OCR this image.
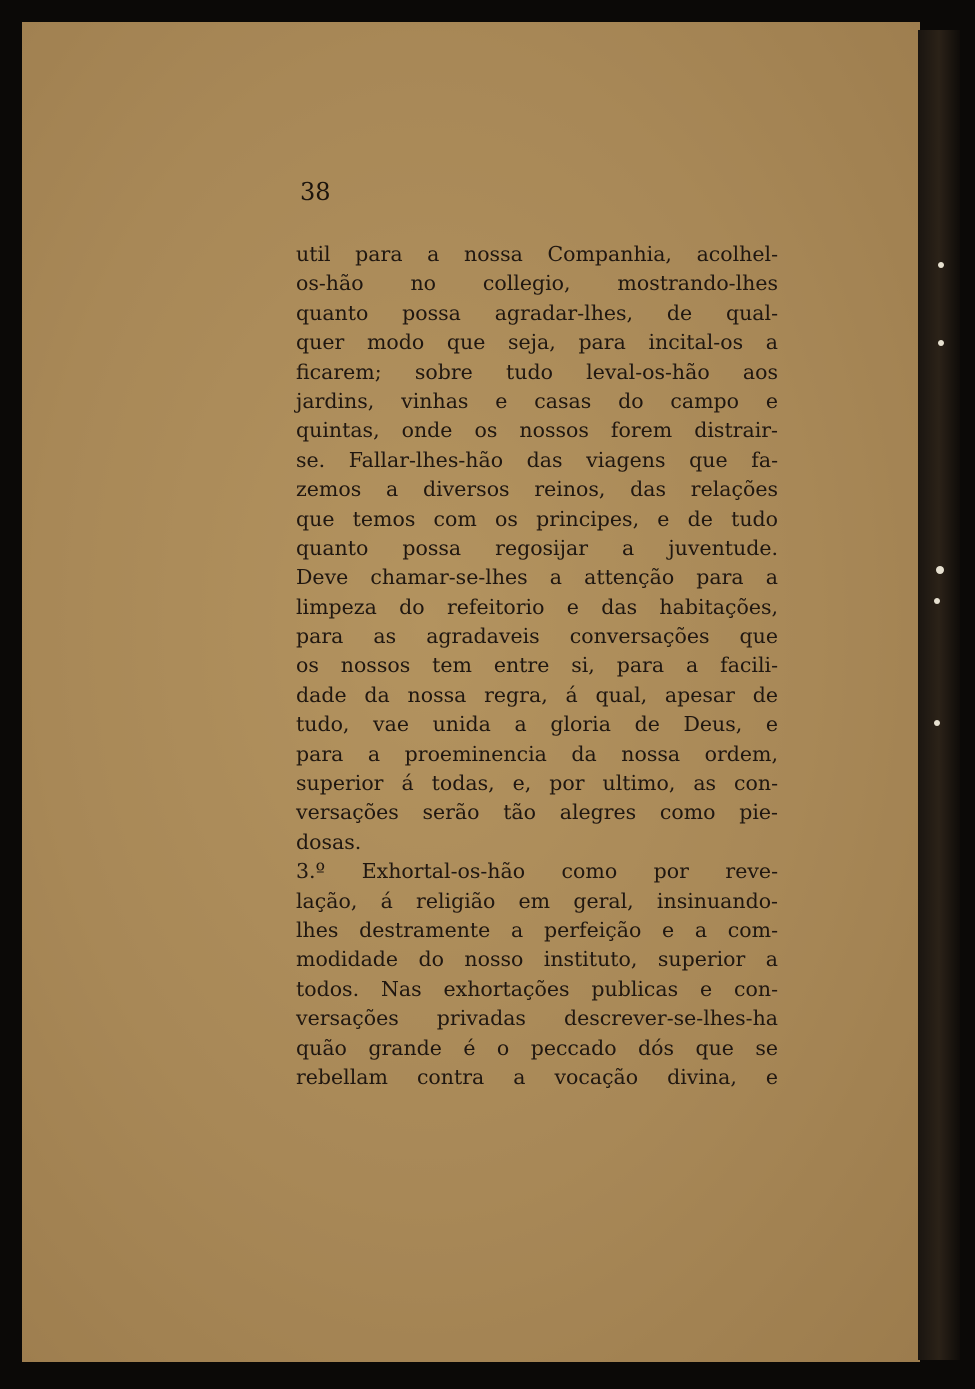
38
util para a nossa Companhia, acolhel-
os-hão no collegio, mostrando-lhes
quanto possa agradar-lhes, de qual-
quer modo que seja, para incital-os a
ficarem; sobre tudo leval-os-hão aos
jardins, vinhas e casas do campo e
quintas, onde os nossos forem distrair-
se. Fallar-lhes-hão das viagens que fa-
zemos a diversos reinos, das relações
que temos com os principes, e de tudo
quanto possa regosijar a juventude.
Deve chamar-se-lhes a attenção para a
limpeza do refeitorio e das habitações,
para as agradaveis conversações que
os nossos tem entre si, para a facili-
dade da nossa regra, á qual, apesar de
tudo, vae unida a gloria de Deus, e
para a proeminencia da nossa ordem,
superior á todas, e, por ultimo, as con-
versações serão tão alegres como pie-
dosas.
3.º Exhortal-os-hão como por reve-
lação, á religião em geral, insinuando-
lhes destramente a perfeição e a com-
modidade do nosso instituto, superior a
todos. Nas exhortações publicas e con-
versações privadas descrever-se-lhes-ha
quão grande é o peccado dós que se
rebellam contra a vocação divina, e
